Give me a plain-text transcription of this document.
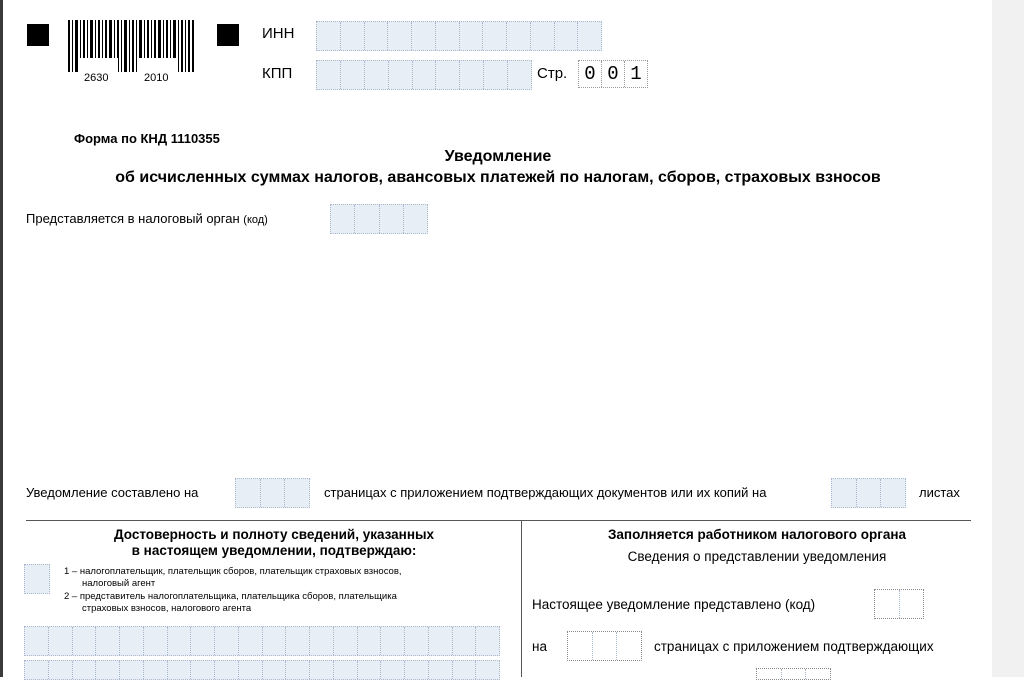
2630	2010
ИНН
КПП	Стр. 0 0 1
Форма по КНД 1110355
Уведомление
об исчисленных суммах налогов, авансовых платежей по налогам, сборов, страховых взносов
Представляется в налоговый орган (код)
Уведомление составлено на	страницах с приложением подтверждающих документов или их копий на	листах
Достоверность и полноту сведений, указанных
в настоящем уведомлении, подтверждаю:
1 – налогоплательщик, плательщик сборов, плательщик страховых взносов,
налоговый агент
2 – представитель налогоплательщика, плательщика сборов, плательщика
страховых взносов, налогового агента
Заполняется работником налогового органа
Сведения о представлении уведомления
Настоящее уведомление представлено (код)
на	страницах с приложением подтверждающих
